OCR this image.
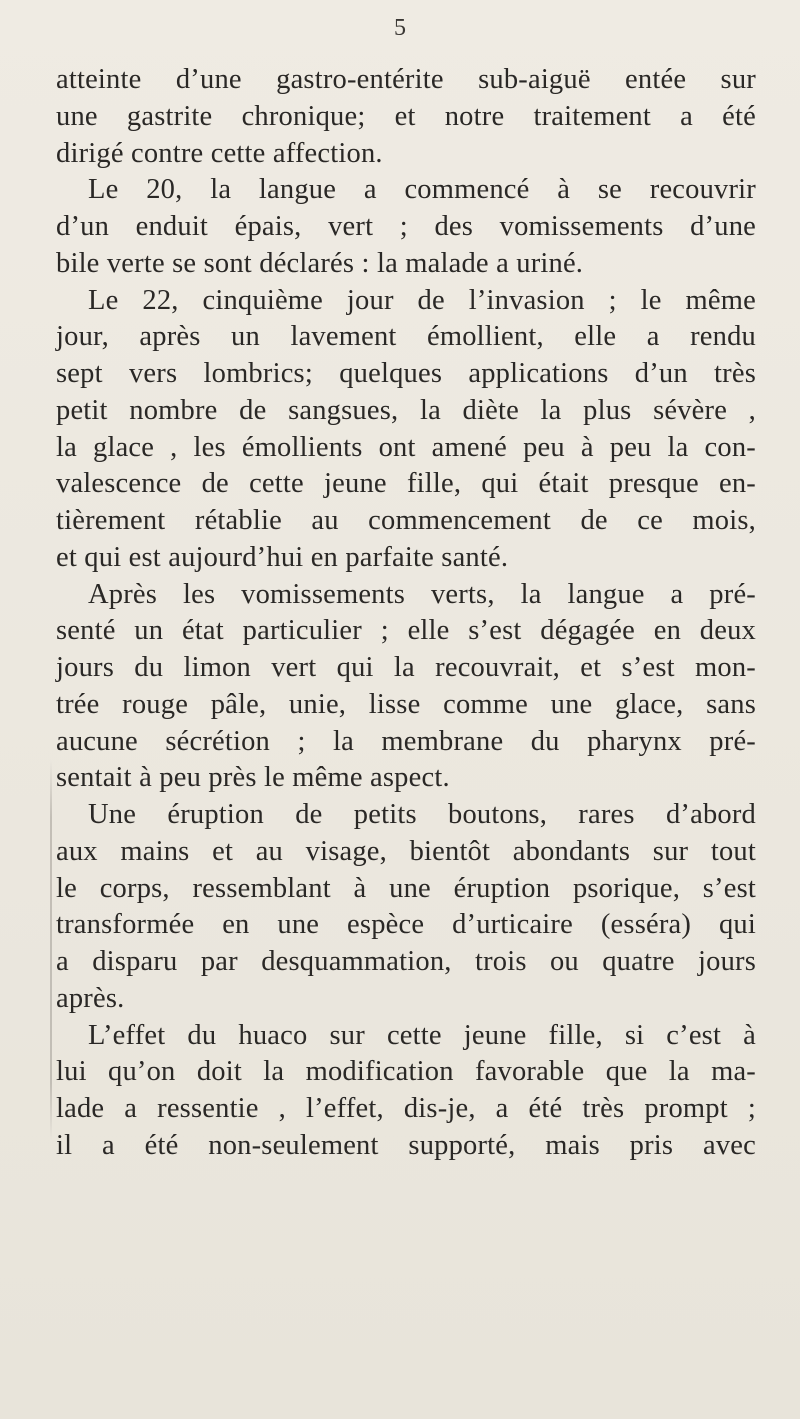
5
atteinte d’une gastro-entérite sub-aiguë entée sur
une gastrite chronique; et notre traitement a été
dirigé contre cette affection.
Le 20, la langue a commencé à se recouvrir
d’un enduit épais, vert ; des vomissements d’une
bile verte se sont déclarés : la malade a uriné.
Le 22, cinquième jour de l’invasion ; le même
jour, après un lavement émollient, elle a rendu
sept vers lombrics; quelques applications d’un très
petit nombre de sangsues, la diète la plus sévère ,
la glace , les émollients ont amené peu à peu la con-
valescence de cette jeune fille, qui était presque en-
tièrement rétablie au commencement de ce mois,
et qui est aujourd’hui en parfaite santé.
Après les vomissements verts, la langue a pré-
senté un état particulier ; elle s’est dégagée en deux
jours du limon vert qui la recouvrait, et s’est mon-
trée rouge pâle, unie, lisse comme une glace, sans
aucune sécrétion ; la membrane du pharynx pré-
sentait à peu près le même aspect.
Une éruption de petits boutons, rares d’abord
aux mains et au visage, bientôt abondants sur tout
le corps, ressemblant à une éruption psorique, s’est
transformée en une espèce d’urticaire (esséra) qui
a disparu par desquammation, trois ou quatre jours
après.
L’effet du huaco sur cette jeune fille, si c’est à
lui qu’on doit la modification favorable que la ma-
lade a ressentie , l’effet, dis-je, a été très prompt ;
il a été non-seulement supporté, mais pris avec
